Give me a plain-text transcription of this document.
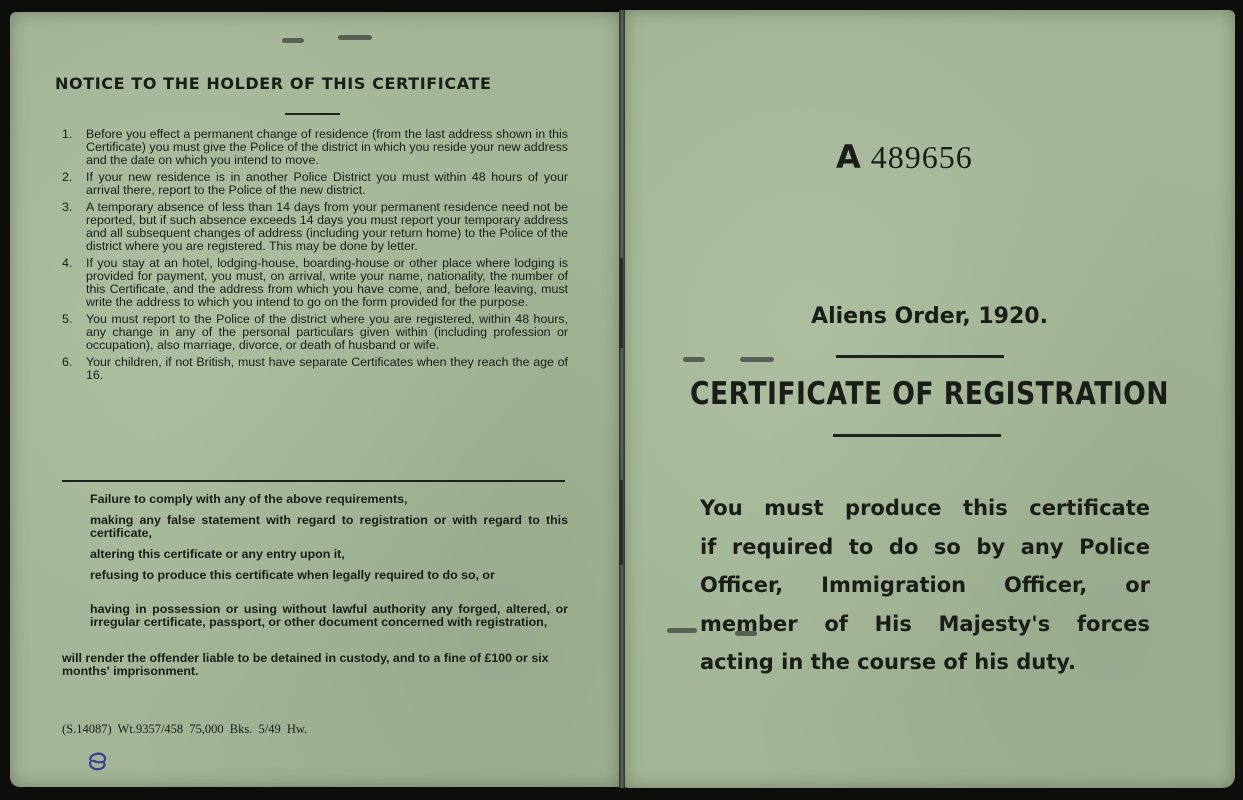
NOTICE TO THE HOLDER OF THIS CERTIFICATE
1. Before you effect a permanent change of residence (from the last address shown in this Certificate) you must give the Police of the district in which you reside your new address and the date on which you intend to move.
2. If your new residence is in another Police District you must within 48 hours of your arrival there, report to the Police of the new district.
3. A temporary absence of less than 14 days from your permanent residence need not be reported, but if such absence exceeds 14 days you must report your temporary address and all subsequent changes of address (including your return home) to the Police of the district where you are registered. This may be done by letter.
4. If you stay at an hotel, lodging-house, boarding-house or other place where lodging is provided for payment, you must, on arrival, write your name, nationality, the number of this Certificate, and the address from which you have come, and, before leaving, must write the address to which you intend to go on the form provided for the purpose.
5. You must report to the Police of the district where you are registered, within 48 hours, any change in any of the personal particulars given within (including profession or occupation), also marriage, divorce, or death of husband or wife.
6. Your children, if not British, must have separate Certificates when they reach the age of 16.
Failure to comply with any of the above requirements,
making any false statement with regard to registration or with regard to this certificate,
altering this certificate or any entry upon it,
refusing to produce this certificate when legally required to do so, or
having in possession or using without lawful authority any forged, altered, or irregular certificate, passport, or other document concerned with registration,
will render the offender liable to be detained in custody, and to a fine of £100 or six months' imprisonment.
(S.14087) Wt.9357/458 75,000 Bks. 5/49 Hw.
A 489656
Aliens Order, 1920.
CERTIFICATE OF REGISTRATION
You must produce this certificate
if required to do so by any Police
Officer, Immigration Officer, or
member of His Majesty's forces
acting in the course of his duty.
